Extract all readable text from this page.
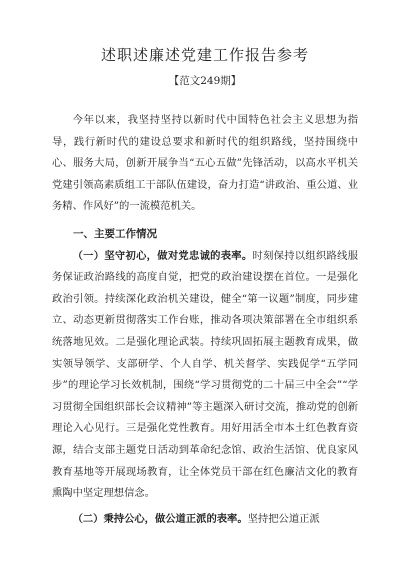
述职述廉述党建工作报告参考
【范文249期】

今年以来，我坚持坚持以新时代中国特色社会主义思想为指导，践行新时代的建设总要求和新时代的组织路线，坚持围绕中心、服务大局，创新开展争当“五心五做”先锋活动，以高水平机关党建引领高素质组工干部队伍建设，奋力打造“讲政治、重公道、业务精、作风好”的一流模范机关。

一、主要工作情况

（一）坚守初心，做对党忠诚的表率。时刻保持以组织路线服务保证政治路线的高度自觉，把党的政治建设摆在首位。一是强化政治引领。持续深化政治机关建设，健全“第一议题”制度，同步建立、动态更新贯彻落实工作台账，推动各项决策部署在全市组织系统落地见效。二是强化理论武装。持续巩固拓展主题教育成果，做实领导领学、支部研学、个人自学、机关督学、实践促学“五学同步”的理论学习长效机制，围绕“学习贯彻党的二十届三中全会”“学习贯彻全国组织部长会议精神”等主题深入研讨交流，推动党的创新理论入心见行。三是强化党性教育。用好用活全市本土红色教育资源，结合支部主题党日活动到革命纪念馆、政治生活馆、优良家风教育基地等开展现场教育，让全体党员干部在红色廉洁文化的教育熏陶中坚定理想信念。

（二）秉持公心，做公道正派的表率。坚持把公道正派
